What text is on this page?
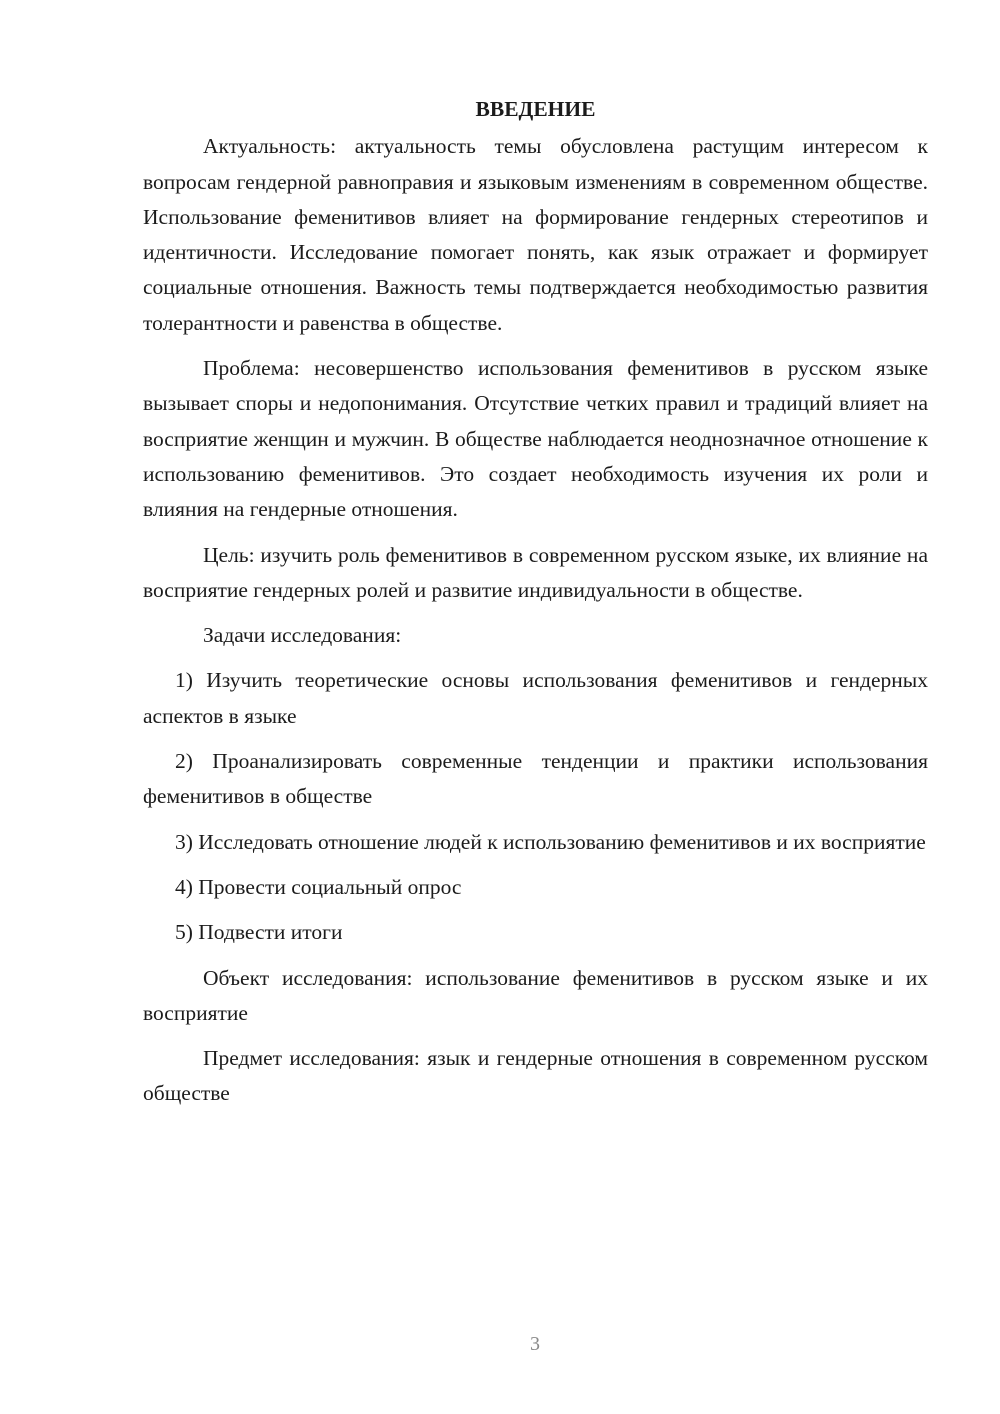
ВВЕДЕНИЕ

Актуальность: актуальность темы обусловлена растущим интересом к вопросам гендерной равноправия и языковым изменениям в современном обществе. Использование феменитивов влияет на формирование гендерных стереотипов и идентичности. Исследование помогает понять, как язык отражает и формирует социальные отношения. Важность темы подтверждается необходимостью развития толерантности и равенства в обществе.

Проблема: несовершенство использования феменитивов в русском языке вызывает споры и недопонимания. Отсутствие четких правил и традиций влияет на восприятие женщин и мужчин. В обществе наблюдается неоднозначное отношение к использованию феменитивов. Это создает необходимость изучения их роли и влияния на гендерные отношения.

Цель: изучить роль феменитивов в современном русском языке, их влияние на восприятие гендерных ролей и развитие индивидуальности в обществе.

Задачи исследования:

1) Изучить теоретические основы использования феменитивов и гендерных аспектов в языке

2) Проанализировать современные тенденции и практики использования феменитивов в обществе

3) Исследовать отношение людей к использованию феменитивов и их восприятие

4) Провести социальный опрос

5) Подвести итоги

Объект исследования: использование феменитивов в русском языке и их восприятие

Предмет исследования: язык и гендерные отношения в современном русском обществе

3
